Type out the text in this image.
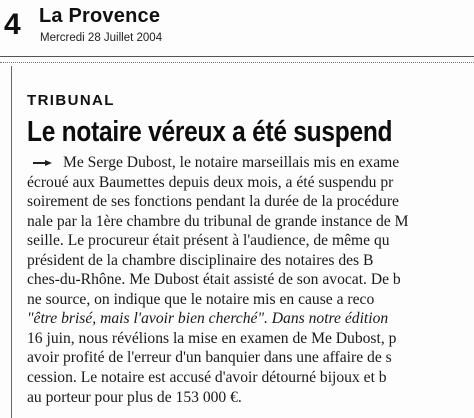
4 La Provence
Mercredi 28 Juillet 2004

TRIBUNAL

Le notaire véreux a été suspend
Me Serge Dubost, le notaire marseillais mis en exame
écroué aux Baumettes depuis deux mois, a été suspendu pr
soirement de ses fonctions pendant la durée de la procédure
nale par la 1ère chambre du tribunal de grande instance de M
seille. Le procureur était présent à l'audience, de même qu
président de la chambre disciplinaire des notaires des B
ches-du-Rhône. Me Dubost était assisté de son avocat. De b
ne source, on indique que le notaire mis en cause a reco
"être brisé, mais l'avoir bien cherché". Dans notre édition
16 juin, nous révélions la mise en examen de Me Dubost, p
avoir profité de l'erreur d'un banquier dans une affaire de s
cession. Le notaire est accusé d'avoir détourné bijoux et b
au porteur pour plus de 153 000 €.
